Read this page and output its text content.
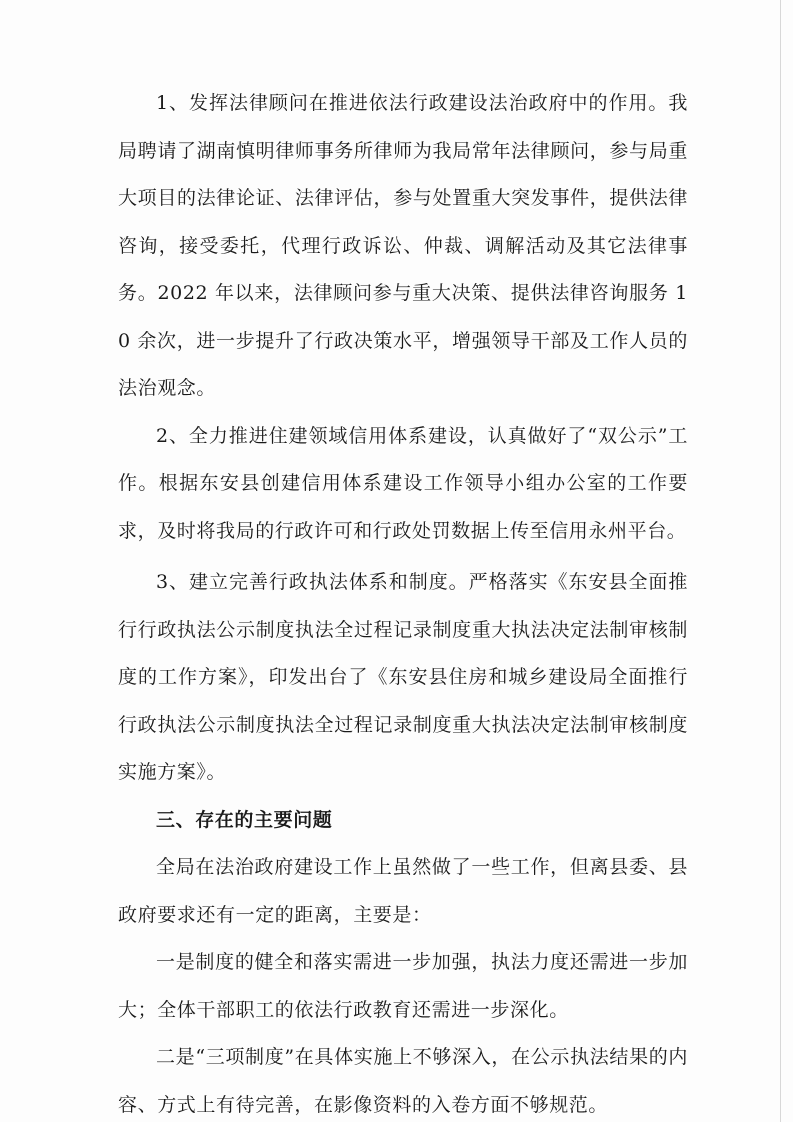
1、发挥法律顾问在推进依法行政建设法治政府中的作用。我局聘请了湖南慎明律师事务所律师为我局常年法律顾问，参与局重大项目的法律论证、法律评估，参与处置重大突发事件，提供法律咨询，接受委托，代理行政诉讼、仲裁、调解活动及其它法律事务。2022 年以来，法律顾问参与重大决策、提供法律咨询服务 10 余次，进一步提升了行政决策水平，增强领导干部及工作人员的法治观念。

2、全力推进住建领域信用体系建设，认真做好了“双公示”工作。根据东安县创建信用体系建设工作领导小组办公室的工作要求，及时将我局的行政许可和行政处罚数据上传至信用永州平台。

3、建立完善行政执法体系和制度。严格落实《东安县全面推行行政执法公示制度执法全过程记录制度重大执法决定法制审核制度的工作方案》，印发出台了《东安县住房和城乡建设局全面推行行政执法公示制度执法全过程记录制度重大执法决定法制审核制度实施方案》。

三、存在的主要问题

全局在法治政府建设工作上虽然做了一些工作，但离县委、县政府要求还有一定的距离，主要是：

一是制度的健全和落实需进一步加强，执法力度还需进一步加大；全体干部职工的依法行政教育还需进一步深化。

二是“三项制度”在具体实施上不够深入，在公示执法结果的内容、方式上有待完善，在影像资料的入卷方面不够规范。
